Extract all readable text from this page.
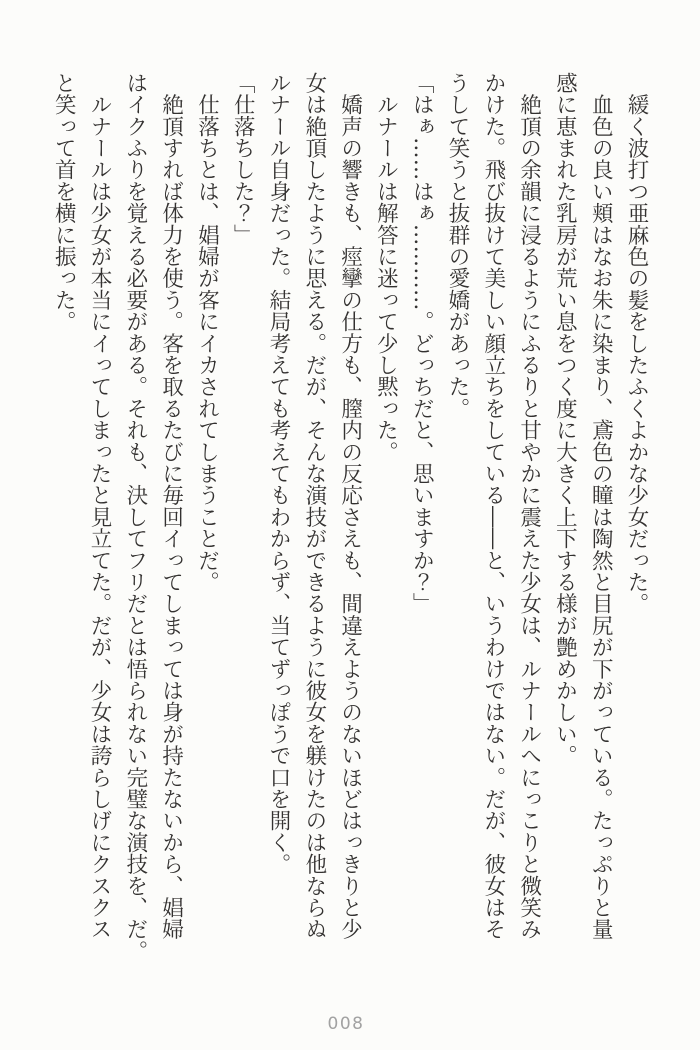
　緩く波打つ亜麻色の髪をしたふくよかな少女だった。
　血色の良い頬はなお朱に染まり、鳶色の瞳は陶然と目尻が下がっている。たっぷりと量
感に恵まれた乳房が荒い息をつく度に大きく上下する様が艶めかしい。
　絶頂の余韻に浸るようにふるりと甘やかに震えた少女は、ルナールへにっこりと微笑み
かけた。飛び抜けて美しい顔立ちをしている――と、いうわけではない。だが、彼女はそ
うして笑うと抜群の愛嬌があった。
「はぁ……はぁ…………。どっちだと、思いますか？」
　ルナールは解答に迷って少し黙った。
　嬌声の響きも、痙攣の仕方も、膣内の反応さえも、間違えようのないほどはっきりと少
女は絶頂したように思える。だが、そんな演技ができるように彼女を躾けたのは他ならぬ
ルナール自身だった。結局考えても考えてもわからず、当てずっぽうで口を開く。
「仕落ちした？」
　仕落ちとは、娼婦が客にイカされてしまうことだ。
　絶頂すれば体力を使う。客を取るたびに毎回イってしまっては身が持たないから、娼婦
はイクふりを覚える必要がある。それも、決してフリだとは悟られない完璧な演技を、だ。
　ルナールは少女が本当にイってしまったと見立てた。だが、少女は誇らしげにクスクス
と笑って首を横に振った。
008
